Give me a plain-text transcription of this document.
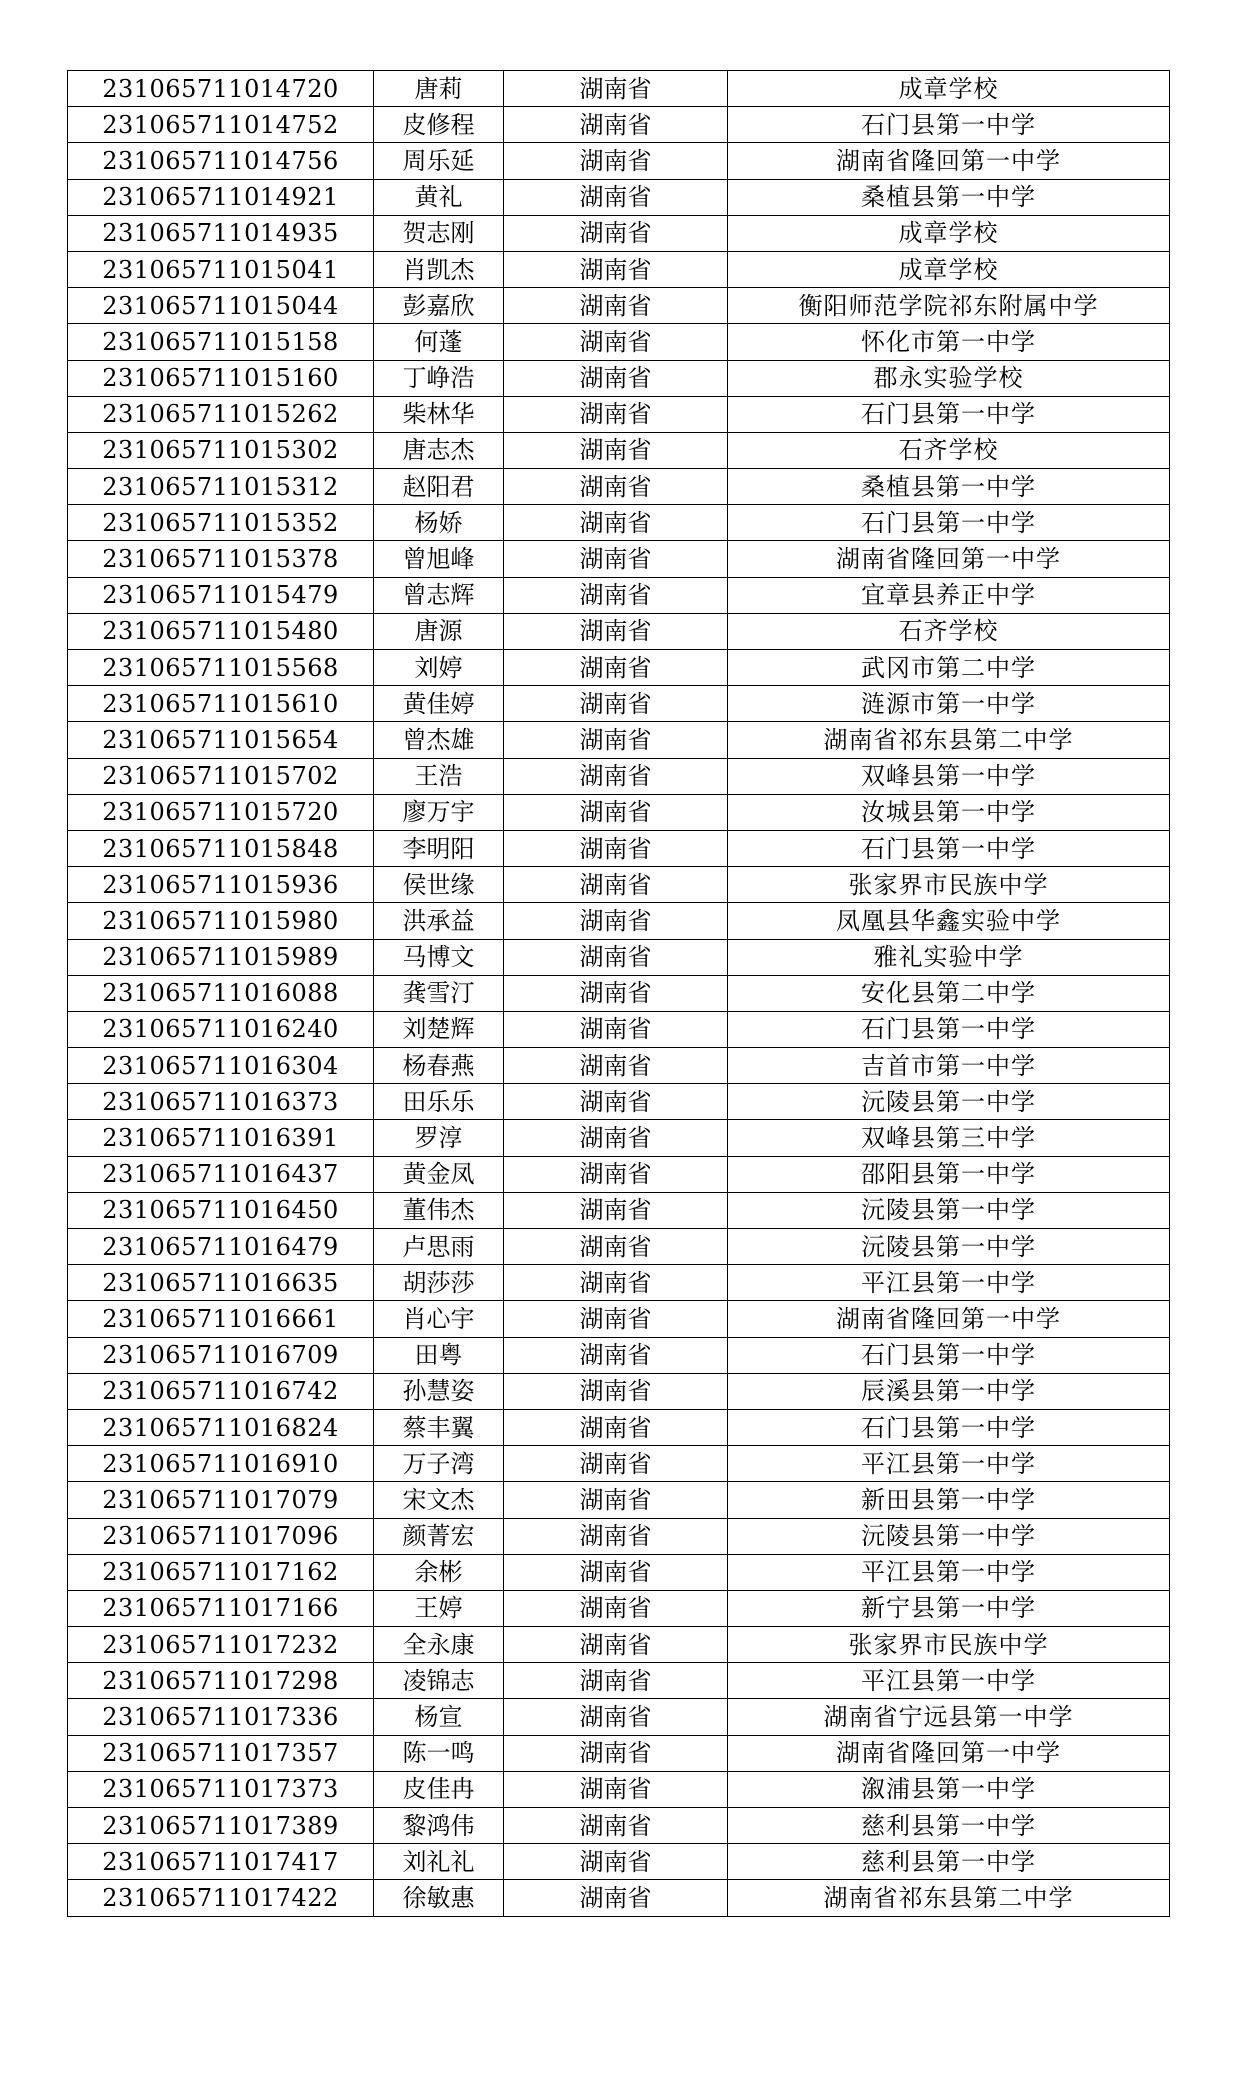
231065711014720	唐莉	湖南省	成章学校
231065711014752	皮修程	湖南省	石门县第一中学
231065711014756	周乐延	湖南省	湖南省隆回第一中学
231065711014921	黄礼	湖南省	桑植县第一中学
231065711014935	贺志刚	湖南省	成章学校
231065711015041	肖凯杰	湖南省	成章学校
231065711015044	彭嘉欣	湖南省	衡阳师范学院祁东附属中学
231065711015158	何蓬	湖南省	怀化市第一中学
231065711015160	丁峥浩	湖南省	郡永实验学校
231065711015262	柴林华	湖南省	石门县第一中学
231065711015302	唐志杰	湖南省	石齐学校
231065711015312	赵阳君	湖南省	桑植县第一中学
231065711015352	杨娇	湖南省	石门县第一中学
231065711015378	曾旭峰	湖南省	湖南省隆回第一中学
231065711015479	曾志辉	湖南省	宜章县养正中学
231065711015480	唐源	湖南省	石齐学校
231065711015568	刘婷	湖南省	武冈市第二中学
231065711015610	黄佳婷	湖南省	涟源市第一中学
231065711015654	曾杰雄	湖南省	湖南省祁东县第二中学
231065711015702	王浩	湖南省	双峰县第一中学
231065711015720	廖万宇	湖南省	汝城县第一中学
231065711015848	李明阳	湖南省	石门县第一中学
231065711015936	侯世缘	湖南省	张家界市民族中学
231065711015980	洪承益	湖南省	凤凰县华鑫实验中学
231065711015989	马博文	湖南省	雅礼实验中学
231065711016088	龚雪汀	湖南省	安化县第二中学
231065711016240	刘楚辉	湖南省	石门县第一中学
231065711016304	杨春燕	湖南省	吉首市第一中学
231065711016373	田乐乐	湖南省	沅陵县第一中学
231065711016391	罗淳	湖南省	双峰县第三中学
231065711016437	黄金凤	湖南省	邵阳县第一中学
231065711016450	董伟杰	湖南省	沅陵县第一中学
231065711016479	卢思雨	湖南省	沅陵县第一中学
231065711016635	胡莎莎	湖南省	平江县第一中学
231065711016661	肖心宇	湖南省	湖南省隆回第一中学
231065711016709	田粤	湖南省	石门县第一中学
231065711016742	孙慧姿	湖南省	辰溪县第一中学
231065711016824	蔡丰翼	湖南省	石门县第一中学
231065711016910	万子湾	湖南省	平江县第一中学
231065711017079	宋文杰	湖南省	新田县第一中学
231065711017096	颜菁宏	湖南省	沅陵县第一中学
231065711017162	余彬	湖南省	平江县第一中学
231065711017166	王婷	湖南省	新宁县第一中学
231065711017232	全永康	湖南省	张家界市民族中学
231065711017298	凌锦志	湖南省	平江县第一中学
231065711017336	杨宣	湖南省	湖南省宁远县第一中学
231065711017357	陈一鸣	湖南省	湖南省隆回第一中学
231065711017373	皮佳冉	湖南省	溆浦县第一中学
231065711017389	黎鸿伟	湖南省	慈利县第一中学
231065711017417	刘礼礼	湖南省	慈利县第一中学
231065711017422	徐敏惠	湖南省	湖南省祁东县第二中学
